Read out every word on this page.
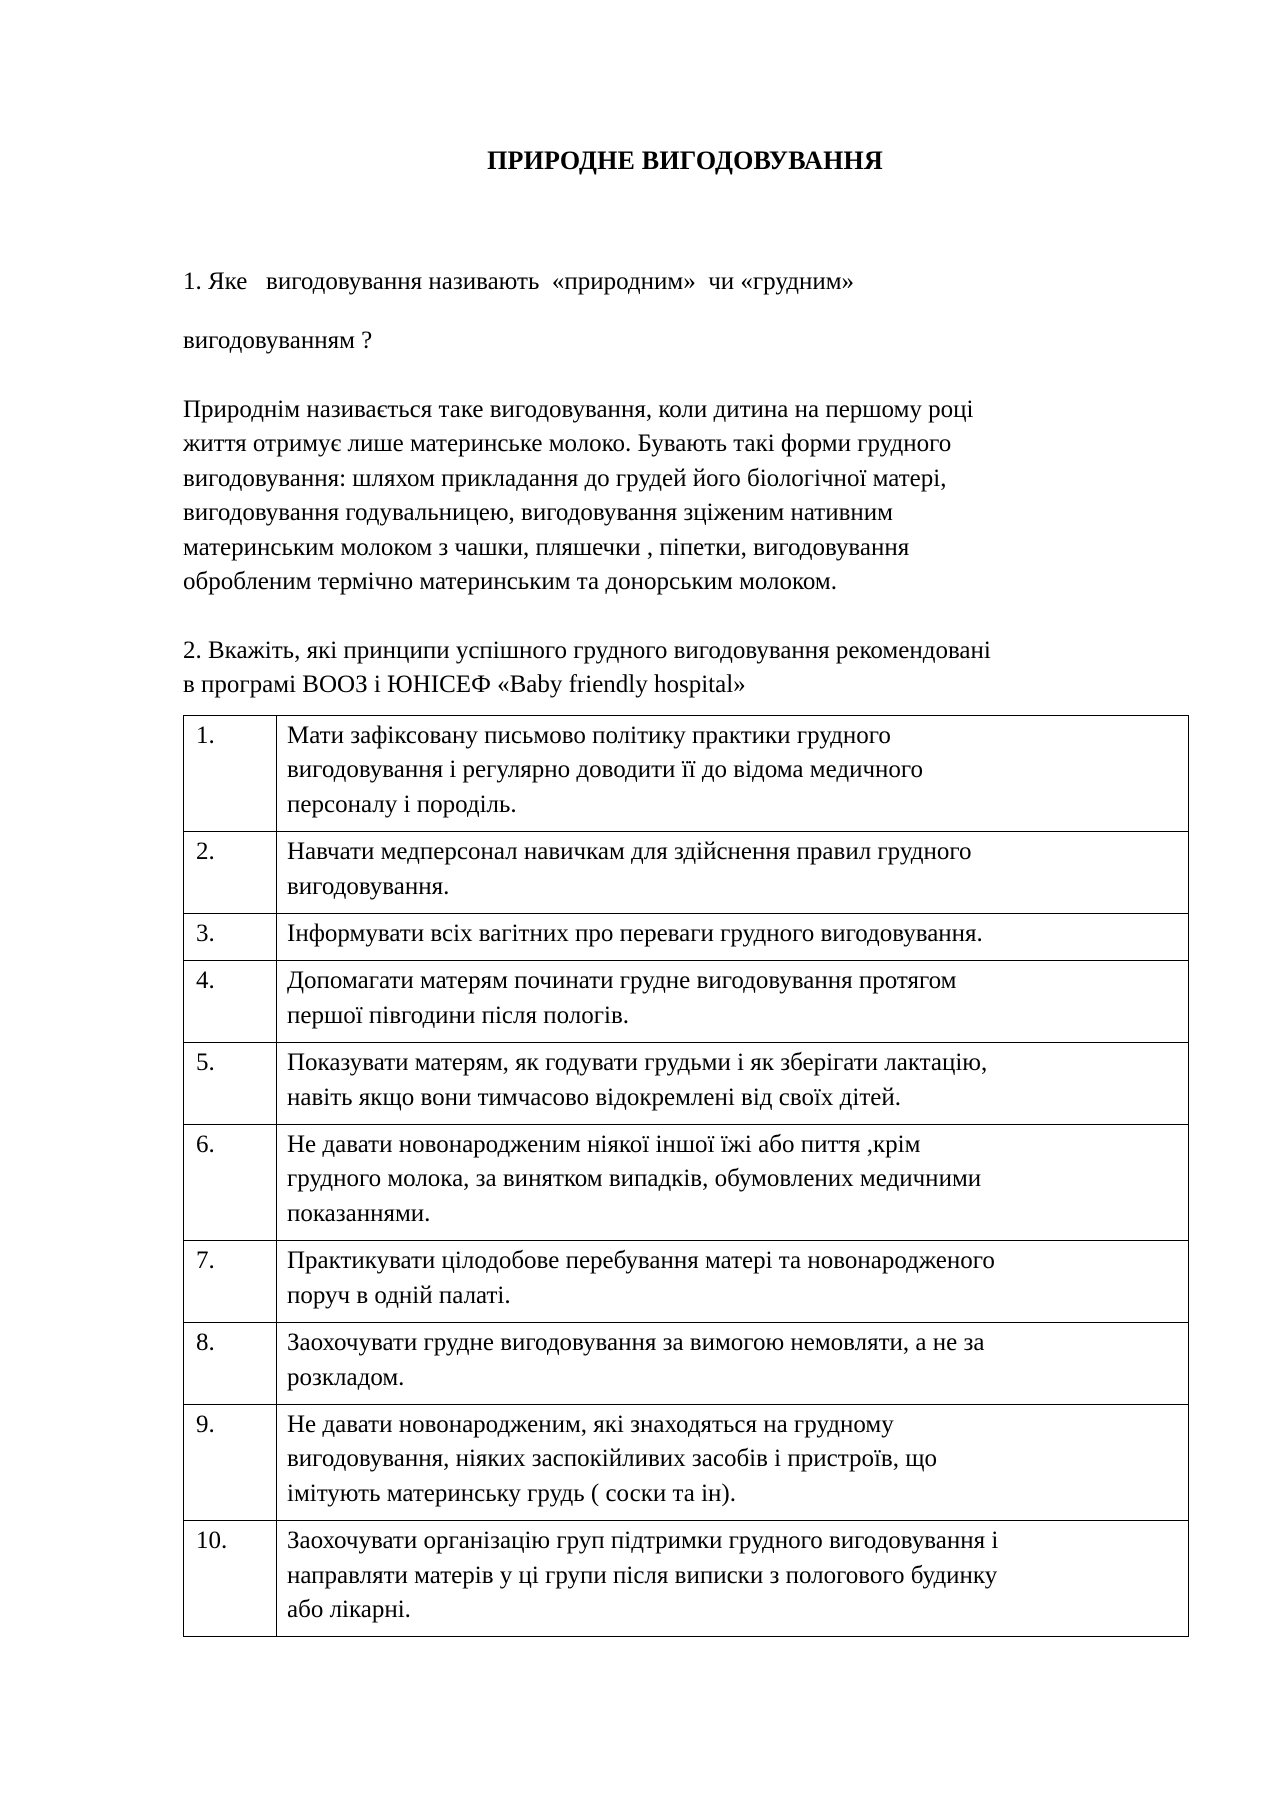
ПРИРОДНЕ ВИГОДОВУВАННЯ
1. Яке   вигодовування називають  «природним»  чи «грудним»
вигодовуванням ?
Природнім називається таке вигодовування, коли дитина на першому році
життя отримує лише материнське молоко. Бувають такі форми грудного
вигодовування: шляхом прикладання до грудей його біологічної матері,
вигодовування годувальницею, вигодовування зціженим нативним
материнським молоком з чашки, пляшечки , піпетки, вигодовування
обробленим термічно материнським та донорським молоком.
2. Вкажіть, які принципи успішного грудного вигодовування рекомендовані
в програмі ВООЗ і ЮНІСЕФ «Baby friendly hospital»
1.	Мати зафіксовану письмово політику практики грудного
вигодовування і регулярно доводити її до відома медичного
персоналу і породіль.

2.	Навчати медперсонал навичкам для здійснення правил грудного
вигодовування.

3.	Інформувати всіх вагітних про переваги грудного вигодовування.

4.	Допомагати матерям починати грудне вигодовування протягом
першої півгодини після пологів.

5.	Показувати матерям, як годувати грудьми і як зберігати лактацію,
навіть якщо вони тимчасово відокремлені від своїх дітей.

6.	Не давати новонародженим ніякої іншої їжі або пиття ,крім
грудного молока, за винятком випадків, обумовлених медичними
показаннями.

7.	Практикувати цілодобове перебування матері та новонародженого
поруч в одній палаті.

8.	Заохочувати грудне вигодовування за вимогою немовляти, а не за
розкладом.

9.	Не давати новонародженим, які знаходяться на грудному
вигодовування, ніяких заспокійливих засобів і пристроїв, що
імітують материнську грудь ( соски та ін).

10.	Заохочувати організацію груп підтримки грудного вигодовування і
направляти матерів у ці групи після виписки з пологового будинку
або лікарні.
